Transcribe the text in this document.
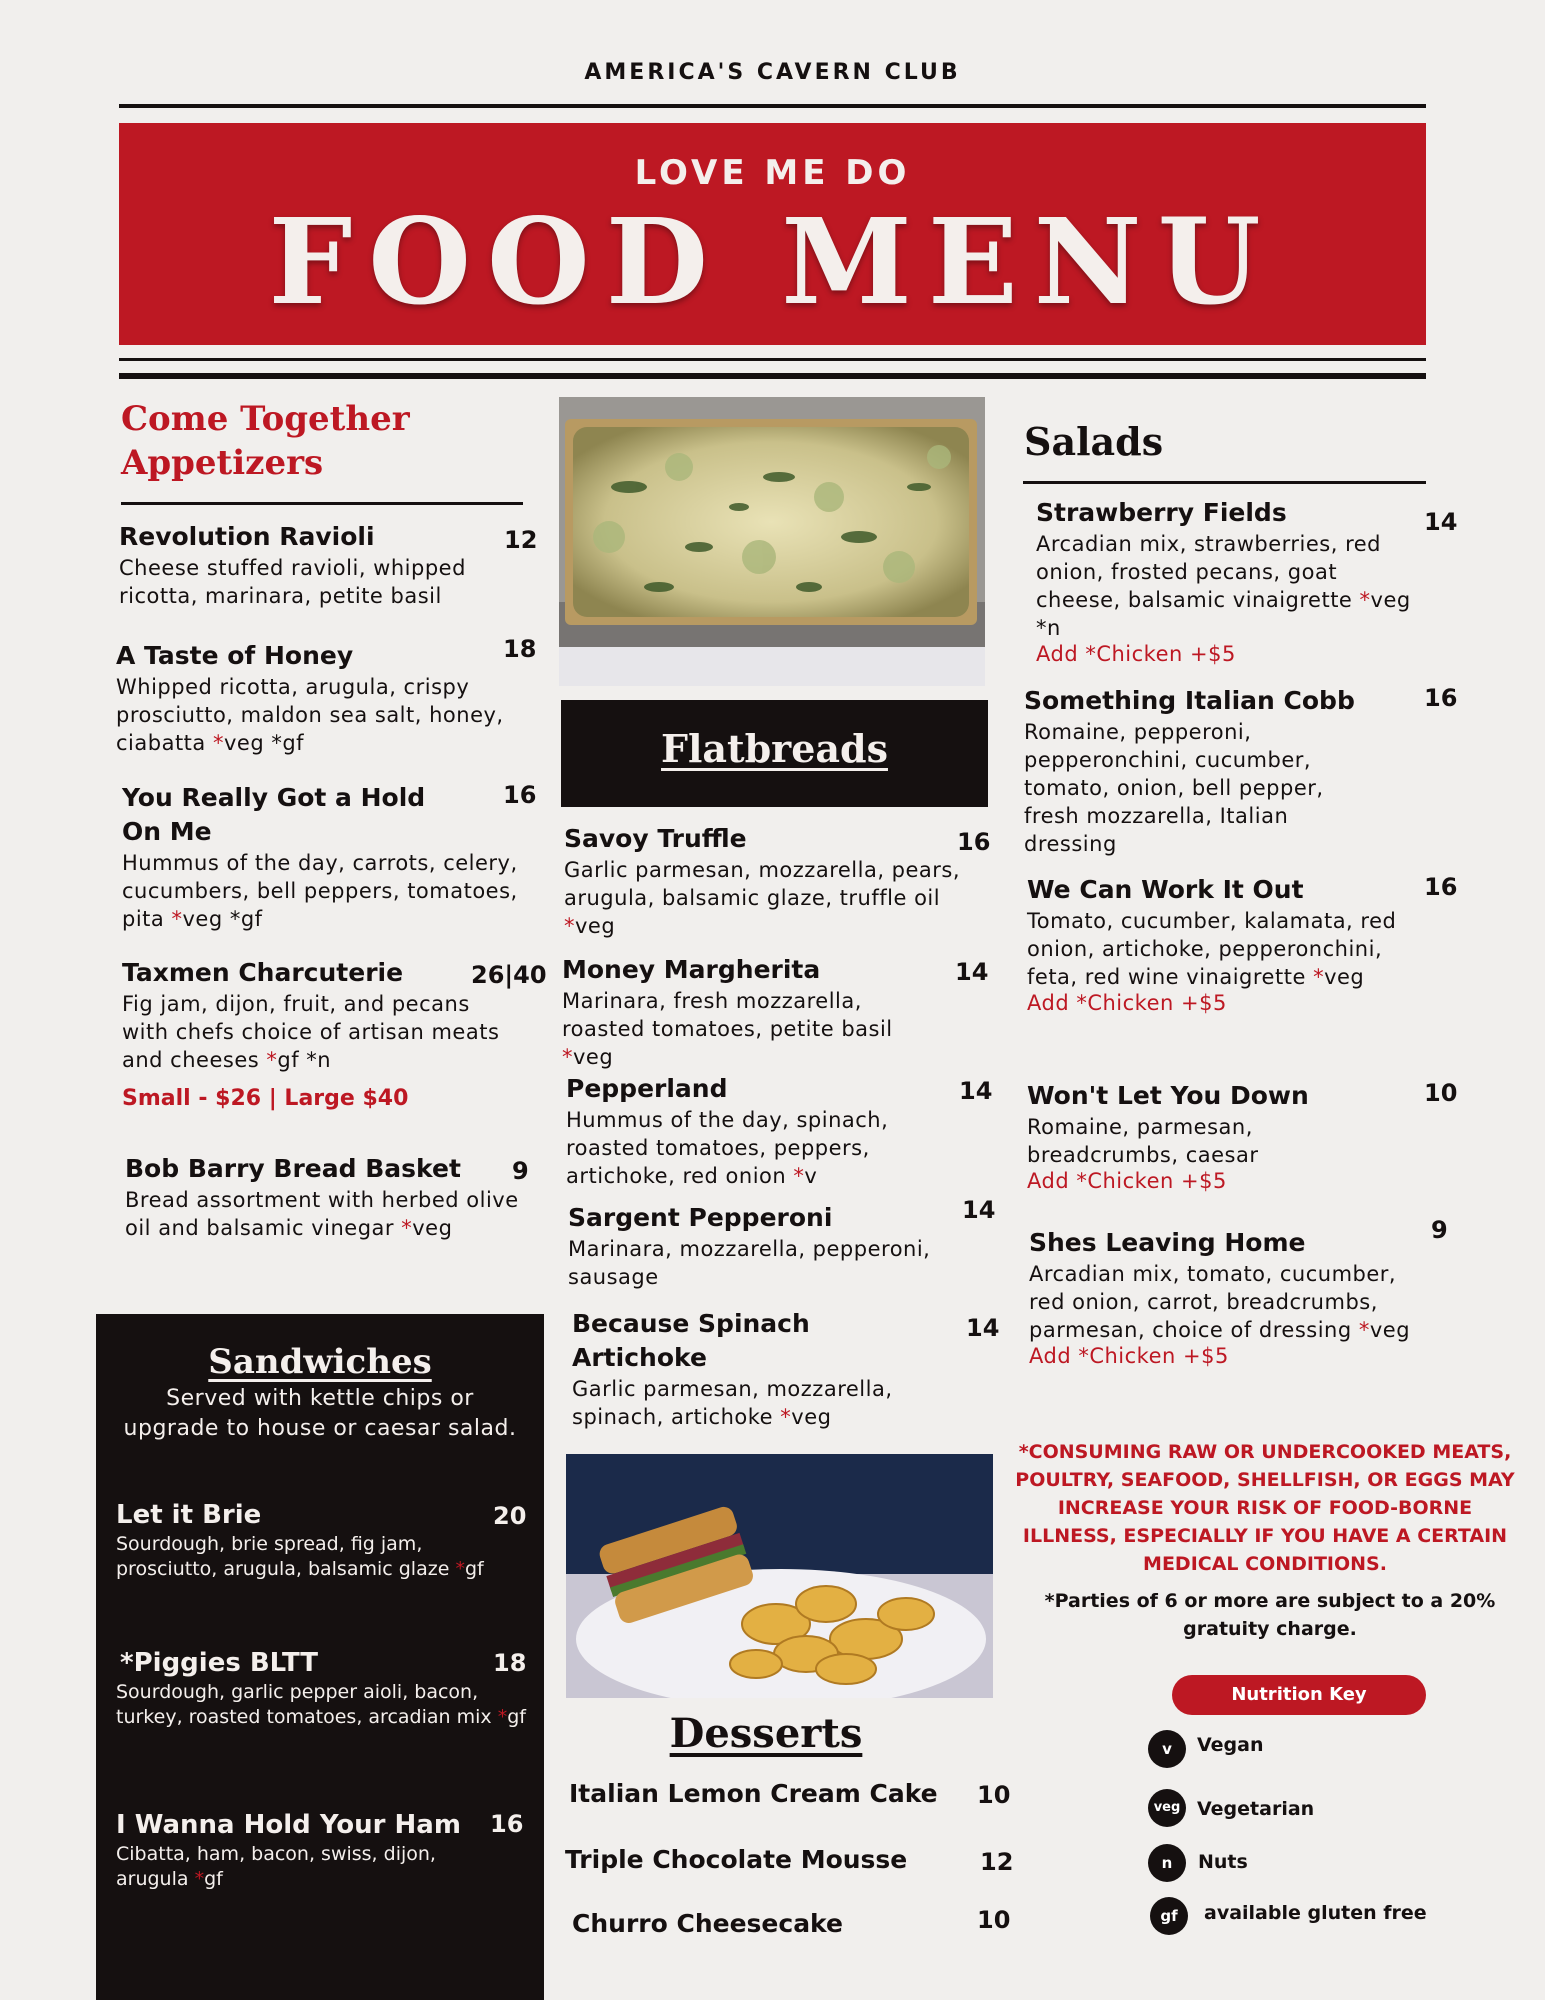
AMERICA'S CAVERN CLUB
LOVE ME DO
FOOD MENU
Come Together
Appetizers
Revolution Ravioli
Cheese stuffed ravioli, whipped ricotta, marinara, petite basil
12
A Taste of Honey
Whipped ricotta, arugula, crispy prosciutto, maldon sea salt, honey, ciabatta *veg *gf
18
You Really Got a Hold
On Me
Hummus of the day, carrots, celery, cucumbers, bell peppers, tomatoes, pita *veg *gf
16
Taxmen Charcuterie
Fig jam, dijon, fruit, and pecans with chefs choice of artisan meats and cheeses *gf *n
Small - $26 | Large $40
26|40
Bob Barry Bread Basket
Bread assortment with herbed olive oil and balsamic vinegar *veg
9
Sandwiches
Served with kettle chips or upgrade to house or caesar salad.
Let it Brie
Sourdough, brie spread, fig jam, prosciutto, arugula, balsamic glaze *gf
20
*Piggies BLTT
Sourdough, garlic pepper aioli, bacon, turkey, roasted tomatoes, arcadian mix *gf
18
I Wanna Hold Your Ham
Cibatta, ham, bacon, swiss, dijon, arugula *gf
16
Flatbreads
Savoy Truffle
Garlic parmesan, mozzarella, pears, arugula, balsamic glaze, truffle oil *veg
16
Money Margherita
Marinara, fresh mozzarella, roasted tomatoes, petite basil *veg
14
Pepperland
Hummus of the day, spinach, roasted tomatoes, peppers, artichoke, red onion *v
14
Sargent Pepperoni
Marinara, mozzarella, pepperoni, sausage
14
Because Spinach
Artichoke
Garlic parmesan, mozzarella, spinach, artichoke *veg
14
Desserts
Italian Lemon Cream Cake 10
Triple Chocolate Mousse	12
Churro Cheesecake	10
Salads
Strawberry Fields
Arcadian mix, strawberries, red onion, frosted pecans, goat cheese, balsamic vinaigrette *veg *n
Add *Chicken +$5
14
Something Italian Cobb
Romaine, pepperoni, pepperonchini, cucumber, tomato, onion, bell pepper, fresh mozzarella, Italian dressing
16
We Can Work It Out
Tomato, cucumber, kalamata, red onion, artichoke, pepperonchini, feta, red wine vinaigrette *veg
Add *Chicken +$5
16
Won't Let You Down
Romaine, parmesan, breadcrumbs, caesar
Add *Chicken +$5
10
Shes Leaving Home
Arcadian mix, tomato, cucumber, red onion, carrot, breadcrumbs, parmesan, choice of dressing *veg
Add *Chicken +$5
9
*CONSUMING RAW OR UNDERCOOKED MEATS, POULTRY, SEAFOOD, SHELLFISH, OR EGGS MAY INCREASE YOUR RISK OF FOOD-BORNE ILLNESS, ESPECIALLY IF YOU HAVE A CERTAIN MEDICAL CONDITIONS.
*Parties of 6 or more are subject to a 20% gratuity charge.
Nutrition Key
v	Vegan
veg Vegetarian
n	Nuts
gf	available gluten free
